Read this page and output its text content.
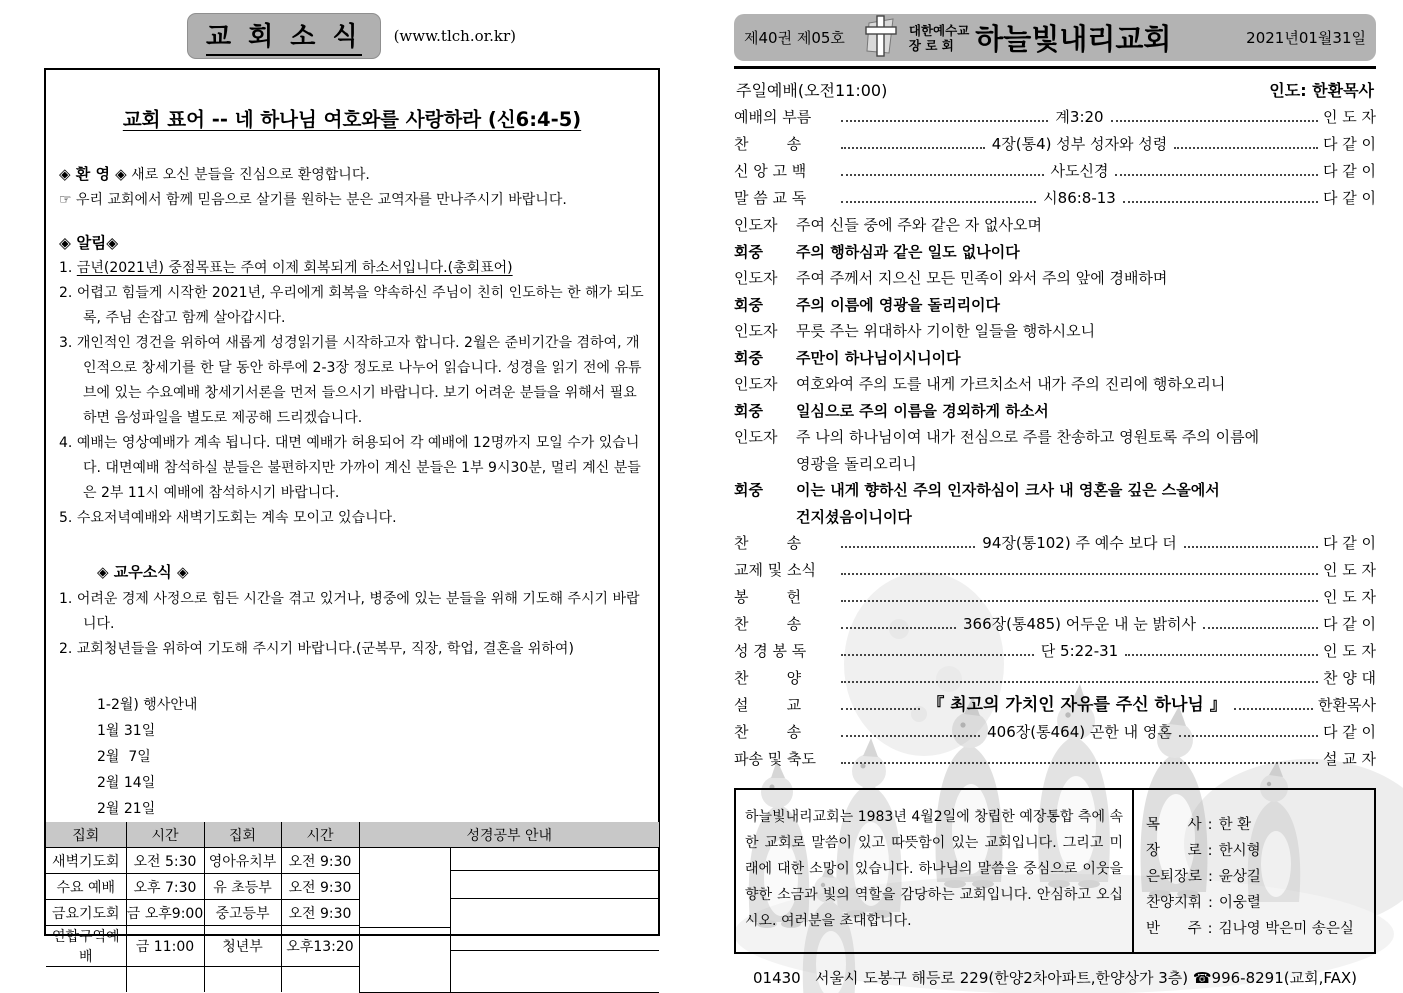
교 회 소 식	(www.tlch.or.kr)
교회 표어 -- 네 하나님 여호와를 사랑하라 (신6:4-5)
◈ 환 영 ◈ 새로 오신 분들을 진심으로 환영합니다.
☞ 우리 교회에서 함께 믿음으로 살기를 원하는 분은 교역자를 만나주시기 바랍니다.
◈ 알림◈
1. 금년(2021년) 중점목표는 주여 이제 회복되게 하소서입니다.(총회표어)
2. 어렵고 힘들게 시작한 2021년, 우리에게 회복을 약속하신 주님이 친히 인도하는 한 해가 되도록, 주님 손잡고 함께 살아갑시다.
3. 개인적인 경건을 위하여 새롭게 성경읽기를 시작하고자 합니다. 2월은 준비기간을 겸하여, 개인적으로 창세기를 한 달 동안 하루에 2-3장 정도로 나누어 읽습니다. 성경을 읽기 전에 유튜브에 있는 수요예배 창세기서론을 먼저 들으시기 바랍니다. 보기 어려운 분들을 위해서 필요하면 음성파일을 별도로 제공해 드리겠습니다.
4. 예배는 영상예배가 계속 됩니다. 대면 예배가 허용되어 각 예배에 12명까지 모일 수가 있습니다. 대면예배 참석하실 분들은 불편하지만 가까이 계신 분들은 1부 9시30분, 멀리 계신 분들은 2부 11시 예배에 참석하시기 바랍니다.
5. 수요저녁예배와 새벽기도회는 계속 모이고 있습니다.
◈ 교우소식 ◈
1. 어려운 경제 사정으로 힘든 시간을 겪고 있거나, 병중에 있는 분들을 위해 기도해 주시기 바랍니다.
2. 교회청년들을 위하여 기도해 주시기 바랍니다.(군복무, 직장, 학업, 결혼을 위하여)
1-2월) 행사안내
1월 31일
2월  7일
2월 14일
2월 21일
집회	시간	집회	시간	성경공부 안내
새벽기도회	오전 5:30	영아유치부	오전 9:30	

수요 예배	오후 7:30	유 초등부	오전 9:30	
금요기도회	금 오후9:00	중고등부	오전 9:30	
연합구역예배	금 11:00	청년부	오후13:20	

제40권 제05호	대한예수교
장 로 회 하늘빛내리교회	2021년01월31일
주일예배(오전11:00)	인도: 한환목사
예배의 부름	계3:20	인 도 자
찬        송	4장(통4) 성부 성자와 성령	다 같 이
신 앙 고 백	사도신경	다 같 이
말 씀 교 독	시86:8-13	다 같 이
인도자	주여 신들 중에 주와 같은 자 없사오며
회중	주의 행하심과 같은 일도 없나이다
인도자	주여 주께서 지으신 모든 민족이 와서 주의 앞에 경배하며
회중	주의 이름에 영광을 돌리리이다
인도자	무릇 주는 위대하사 기이한 일들을 행하시오니
회중	주만이 하나님이시니이다
인도자	여호와여 주의 도를 내게 가르치소서 내가 주의 진리에 행하오리니
회중	일심으로 주의 이름을 경외하게 하소서
인도자	주 나의 하나님이여 내가 전심으로 주를 찬송하고 영원토록 주의 이름에
영광을 돌리오리니
회중	이는 내게 향하신 주의 인자하심이 크사 내 영혼을 깊은 스올에서
건지셨음이니이다
찬        송	94장(통102) 주 예수 보다 더	다 같 이
교제 및 소식	인 도 자
봉        헌	인 도 자
찬        송	366장(통485) 어두운 내 눈 밝히사	다 같 이
성 경 봉 독	단 5:22-31	인 도 자
찬        양	찬 양 대
설        교	『 최고의 가치인 자유를 주신 하나님 』	한환목사
찬        송	406장(통464) 곤한 내 영혼	다 같 이
파송 및 축도	설 교 자
하늘빛내리교회는 1983년 4월2일에 창립한 예장통합 측에 속한 교회로 말씀이 있고 따뜻함이 있는 교회입니다. 그리고 미래에 대한 소망이 있습니다. 하나님의 말씀을 중심으로 이웃을 향한 소금과 빛의 역할을 감당하는 교회입니다. 안심하고 오십시오. 여러분을 초대합니다.
목      사 : 한 환
장      로 : 한시형
은퇴장로 : 윤상길
찬양지휘 : 이웅렬
반      주 : 김나영 박은미 송은실
01430   서울시 도봉구 해등로 229(한양2차아파트,한양상가 3층) ☎996-8291(교회,FAX)
